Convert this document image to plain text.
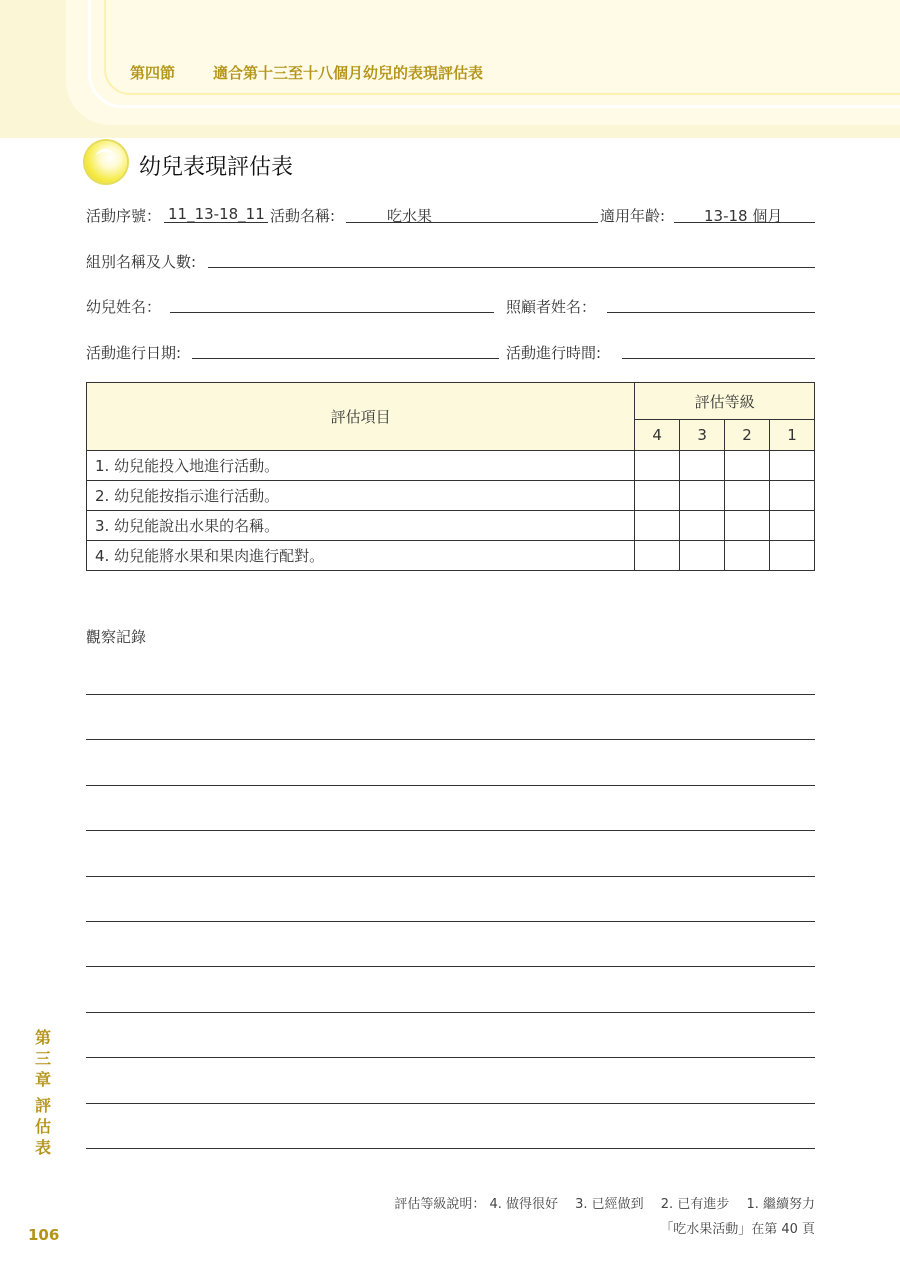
第四節	適合第十三至十八個月幼兒的表現評估表
幼兒表現評估表
活動序號： 11_13-18_11 活動名稱:	吃水果	適用年齡:	13-18 個月
組別名稱及人數:
幼兒姓名：	照顧者姓名：
活動進行日期:	活動進行時間:
評估項目	評估等級			
	4	3	2	1
1. 幼兒能投入地進行活動。				
2. 幼兒能按指示進行活動。				
3. 幼兒能說出水果的名稱。				
4. 幼兒能將水果和果肉進行配對。				
觀察記錄
第
三
章
評
估
表
106
評估等級說明： 4. 做得很好　 3. 已經做到　 2. 已有進步　 1. 繼續努力
「吃水果活動」在第 40 頁
